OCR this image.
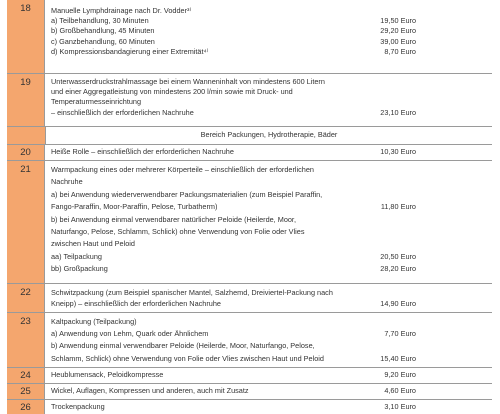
18	Manuelle Lymphdrainage nach Dr. Vodder³⁾
a) Teilbehandlung, 30 Minuten	19,50 Euro
b) Großbehandlung, 45 Minuten	29,20 Euro
c) Ganzbehandlung, 60 Minuten	39,00 Euro
d) Kompressionsbandagierung einer Extremität⁴⁾	8,70 Euro
19	Unterwasserdruckstrahlmassage bei einem Wanneninhalt von mindestens 600 Litern
und einer Aggregatleistung von mindestens 200 l/min sowie mit Druck- und
Temperaturmesseinrichtung
– einschließlich der erforderlichen Nachruhe	23,10 Euro
Bereich Packungen, Hydrotherapie, Bäder
20	Heiße Rolle – einschließlich der erforderlichen Nachruhe	10,30 Euro
21	Warmpackung eines oder mehrerer Körperteile – einschließlich der erforderlichen
Nachruhe
a) bei Anwendung wiederverwendbarer Packungsmaterialien (zum Beispiel Paraffin,
Fango-Paraffin, Moor-Paraffin, Pelose, Turbatherm)	11,80 Euro
b) bei Anwendung einmal verwendbarer natürlicher Peloide (Heilerde, Moor,
Naturfango, Pelose, Schlamm, Schlick) ohne Verwendung von Folie oder Vlies
zwischen Haut und Peloid
aa) Teilpackung	20,50 Euro
bb) Großpackung	28,20 Euro
22	Schwitzpackung (zum Beispiel spanischer Mantel, Salzhemd, Dreiviertel-Packung nach
Kneipp) – einschließlich der erforderlichen Nachruhe	14,90 Euro
23	Kaltpackung (Teilpackung)
a) Anwendung von Lehm, Quark oder Ähnlichem	7,70 Euro
b) Anwendung einmal verwendbarer Peloide (Heilerde, Moor, Naturfango, Pelose,
Schlamm, Schlick) ohne Verwendung von Folie oder Vlies zwischen Haut und Peloid	15,40 Euro
24	Heublumensack, Peloidkompresse	9,20 Euro
25	Wickel, Auflagen, Kompressen und anderen, auch mit Zusatz	4,60 Euro
26	Trockenpackung	3,10 Euro
